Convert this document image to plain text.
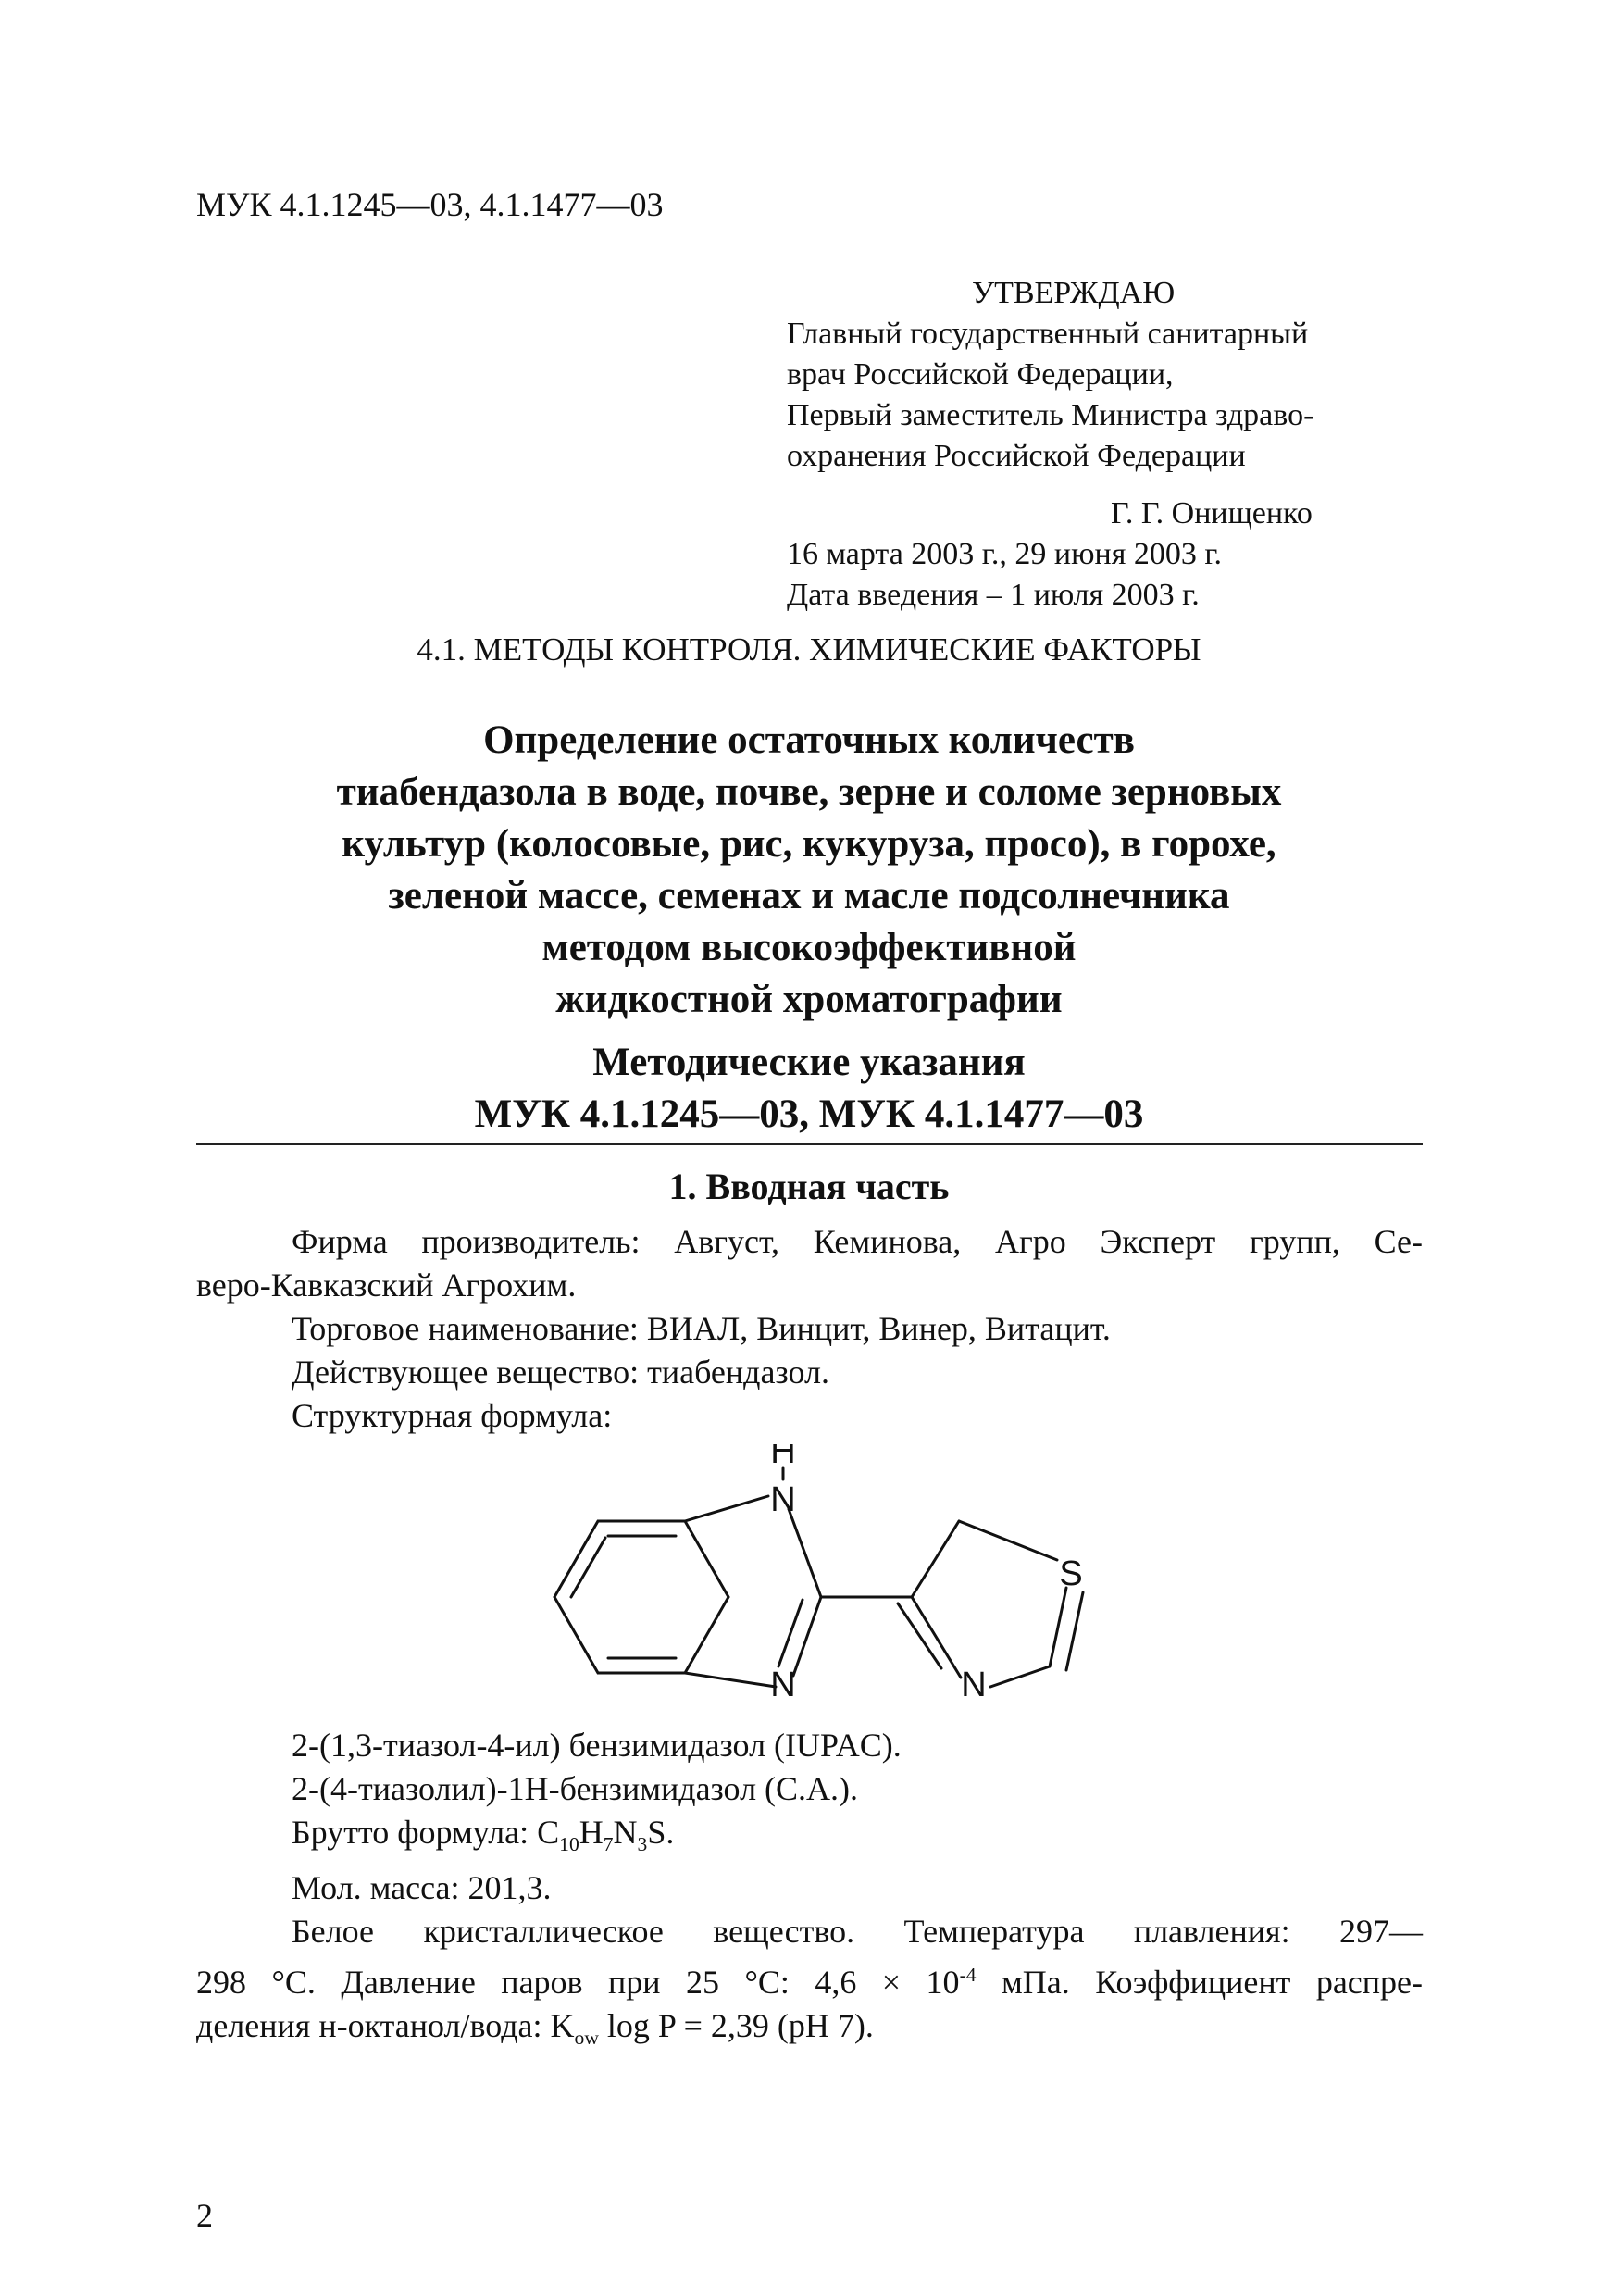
МУК 4.1.1245—03, 4.1.1477—03
УТВЕРЖДАЮ
Главный государственный санитарный
врач Российской Федерации,
Первый заместитель Министра здраво-
охранения Российской Федерации
Г. Г. Онищенко
16 марта 2003 г., 29 июня 2003 г.
Дата введения – 1 июля 2003 г.
4.1. МЕТОДЫ КОНТРОЛЯ. ХИМИЧЕСКИЕ ФАКТОРЫ
Определение остаточных количеств
тиабендазола в воде, почве, зерне и соломе зерновых
культур (колосовые, рис, кукуруза, просо), в горохе,
зеленой массе, семенах и масле подсолнечника
методом высокоэффективной
жидкостной хроматографии
Методические указания
МУК 4.1.1245—03, МУК 4.1.1477—03
1. Вводная часть
Фирма производитель: Август, Кеминова, Агро Эксперт групп, Се-
веро-Кавказский Агрохим.
Торговое наименование: ВИАЛ, Винцит, Винер, Витацит.
Действующее вещество: тиабендазол.
Структурная формула:
H
N
N
S
N
2-(1,3-тиазол-4-ил) бензимидазол (IUPAC).
2-(4-тиазолил)-1H-бензимидазол (С.А.).
Брутто формула: $C_{10}H_7N_3S$.
Мол. масса: 201,3.
Белое кристаллическое вещество. Температура плавления: 297—
298 °С. Давление паров при 25 °С: $4,6 \times 10^{-4}$ мПа. Коэффициент распре-
деления н-октанол/вода: $K_{ow}$ log P = 2,39 (pH 7).
2
